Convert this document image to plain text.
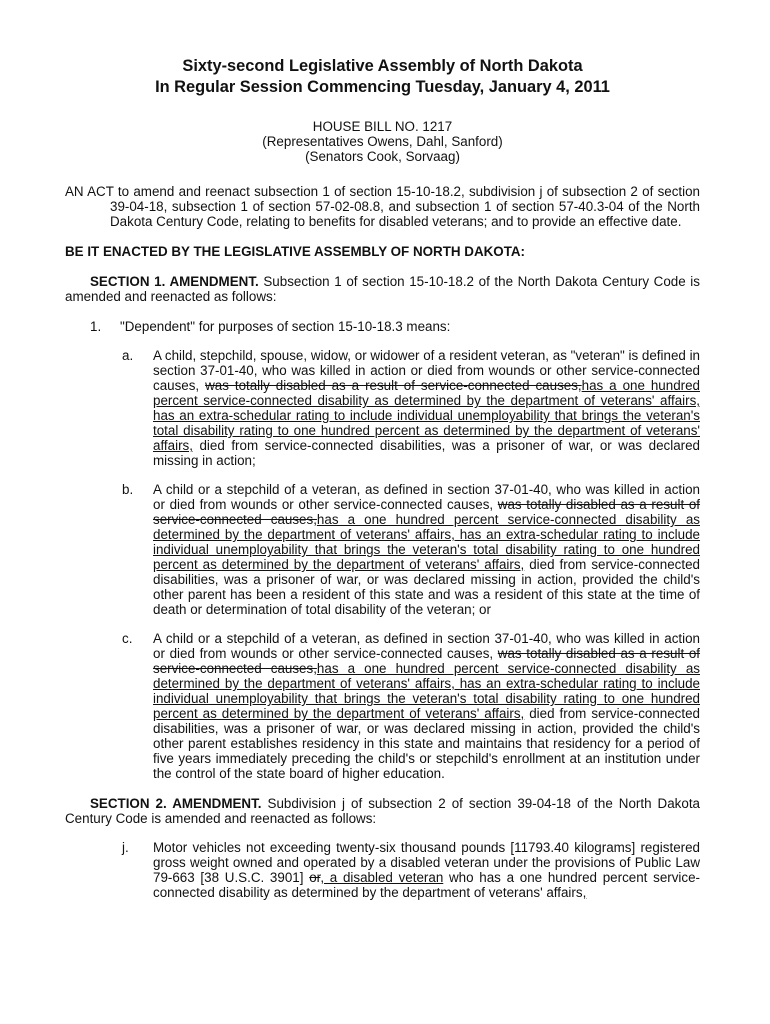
Sixty-second Legislative Assembly of North Dakota

In Regular Session Commencing Tuesday, January 4, 2011

HOUSE BILL NO. 1217

(Representatives Owens, Dahl, Sanford)

(Senators Cook, Sorvaag)

AN ACT to amend and reenact subsection 1 of section 15-10-18.2, subdivision j of subsection 2 of section 39-04-18, subsection 1 of section 57-02-08.8, and subsection 1 of section 57-40.3-04 of the North Dakota Century Code, relating to benefits for disabled veterans; and to provide an effective date.

BE IT ENACTED BY THE LEGISLATIVE ASSEMBLY OF NORTH DAKOTA:

SECTION 1. AMENDMENT. Subsection 1 of section 15-10-18.2 of the North Dakota Century Code is amended and reenacted as follows:

1.	"Dependent" for purposes of section 15-10-18.3 means:
a.	A child, stepchild, spouse, widow, or widower of a resident veteran, as "veteran" is defined in section 37-01-40, who was killed in action or died from wounds or other service-connected causes, was totally disabled as a result of service-connected causes,has a one hundred percent service-connected disability as determined by the department of veterans' affairs, has an extra-schedular rating to include individual unemployability that brings the veteran's total disability rating to one hundred percent as determined by the department of veterans' affairs, died from service-connected disabilities, was a prisoner of war, or was declared missing in action;

b.	A child or a stepchild of a veteran, as defined in section 37-01-40, who was killed in action or died from wounds or other service-connected causes, was totally disabled as a result of service-connected causes,has a one hundred percent service-connected disability as determined by the department of veterans' affairs, has an extra-schedular rating to include individual unemployability that brings the veteran's total disability rating to one hundred percent as determined by the department of veterans' affairs, died from service-connected disabilities, was a prisoner of war, or was declared missing in action, provided the child's other parent has been a resident of this state and was a resident of this state at the time of death or determination of total disability of the veteran; or

c.	A child or a stepchild of a veteran, as defined in section 37-01-40, who was killed in action or died from wounds or other service-connected causes, was totally disabled as a result of service-connected causes,has a one hundred percent service-connected disability as determined by the department of veterans' affairs, has an extra-schedular rating to include individual unemployability that brings the veteran's total disability rating to one hundred percent as determined by the department of veterans' affairs, died from service-connected disabilities, was a prisoner of war, or was declared missing in action, provided the child's other parent establishes residency in this state and maintains that residency for a period of five years immediately preceding the child's or stepchild's enrollment at an institution under the control of the state board of higher education.

SECTION 2. AMENDMENT. Subdivision j of subsection 2 of section 39-04-18 of the North Dakota Century Code is amended and reenacted as follows:

j.	Motor vehicles not exceeding twenty-six thousand pounds [11793.40 kilograms] registered gross weight owned and operated by a disabled veteran under the provisions of Public Law 79-663 [38 U.S.C. 3901] or, a disabled veteran who has a one hundred percent service-connected disability as determined by the department of veterans' affairs,
